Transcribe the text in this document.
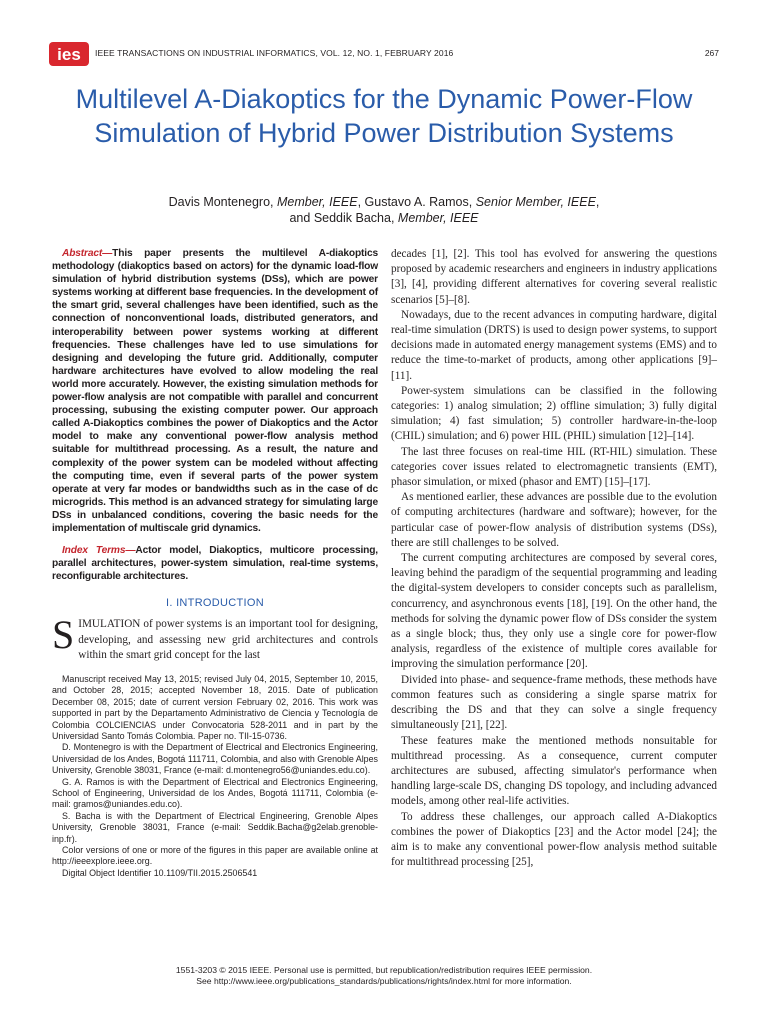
ies IEEE TRANSACTIONS ON INDUSTRIAL INFORMATICS, VOL. 12, NO. 1, FEBRUARY 2016	267
Multilevel A-Diakoptics for the Dynamic Power-Flow Simulation of Hybrid Power Distribution Systems
Davis Montenegro, Member, IEEE, Gustavo A. Ramos, Senior Member, IEEE,
and Seddik Bacha, Member, IEEE

Abstract—This paper presents the multilevel A-diakoptics methodology (diakoptics based on actors) for the dynamic load-flow simulation of hybrid distribution systems (DSs), which are power systems working at different base frequencies. In the development of the smart grid, several challenges have been identified, such as the connection of nonconventional loads, distributed generators, and interoperability between power systems working at different frequencies. These challenges have led to use simulations for designing and developing the future grid. Additionally, computer hardware architectures have evolved to allow modeling the real world more accurately. However, the existing simulation methods for power-flow analysis are not compatible with parallel and concurrent processing, subusing the existing computer power. Our approach called A-Diakoptics combines the power of Diakoptics and the Actor model to make any conventional power-flow analysis method suitable for multithread processing. As a result, the nature and complexity of the power system can be modeled without affecting the computing time, even if several parts of the power system operate at very far modes or bandwidths such as in the case of dc microgrids. This method is an advanced strategy for simulating large DSs in unbalanced conditions, covering the basic needs for the implementation of multiscale grid dynamics.

Index Terms—Actor model, Diakoptics, multicore processing, parallel architectures, power-system simulation, real-time systems, reconfigurable architectures.

I. INTRODUCTION

SIMULATION of power systems is an important tool for designing, developing, and assessing new grid architectures and controls within the smart grid concept for the last

Manuscript received May 13, 2015; revised July 04, 2015, September 10, 2015, and October 28, 2015; accepted November 18, 2015. Date of publication December 08, 2015; date of current version February 02, 2016. This work was supported in part by the Departamento Administrativo de Ciencia y Tecnología de Colombia COLCIENCIAS under Convocatoria 528-2011 and in part by the Universidad Santo Tomás Colombia. Paper no. TII-15-0736.

D. Montenegro is with the Department of Electrical and Electronics Engineering, Universidad de los Andes, Bogotá 111711, Colombia, and also with Grenoble Alpes University, Grenoble 38031, France (e-mail: d.montenegro56@uniandes.edu.co).

G. A. Ramos is with the Department of Electrical and Electronics Engineering, School of Engineering, Universidad de los Andes, Bogotá 111711, Colombia (e-mail: gramos@uniandes.edu.co).

S. Bacha is with the Department of Electrical Engineering, Grenoble Alpes University, Grenoble 38031, France (e-mail: Seddik.Bacha@g2elab.grenoble-inp.fr).

Color versions of one or more of the figures in this paper are available online at http://ieeexplore.ieee.org.

Digital Object Identifier 10.1109/TII.2015.2506541

decades [1], [2]. This tool has evolved for answering the questions proposed by academic researchers and engineers in industry applications [3], [4], providing different alternatives for covering several realistic scenarios [5]–[8].

Nowadays, due to the recent advances in computing hardware, digital real-time simulation (DRTS) is used to design power systems, to support decisions made in automated energy management systems (EMS) and to reduce the time-to-market of products, among other applications [9]–[11].

Power-system simulations can be classified in the following categories: 1) analog simulation; 2) offline simulation; 3) fully digital simulation; 4) fast simulation; 5) controller hardware-in-the-loop (CHIL) simulation; and 6) power HIL (PHIL) simulation [12]–[14].

The last three focuses on real-time HIL (RT-HIL) simulation. These categories cover issues related to electromagnetic transients (EMT), phasor simulation, or mixed (phasor and EMT) [15]–[17].

As mentioned earlier, these advances are possible due to the evolution of computing architectures (hardware and software); however, for the particular case of power-flow analysis of distribution systems (DSs), there are still challenges to be solved.

The current computing architectures are composed by several cores, leaving behind the paradigm of the sequential programming and leading the digital-system developers to consider concepts such as parallelism, concurrency, and asynchronous events [18], [19]. On the other hand, the methods for solving the dynamic power flow of DSs consider the system as a single block; thus, they only use a single core for power-flow analysis, regardless of the existence of multiple cores available for improving the simulation performance [20].

Divided into phase- and sequence-frame methods, these methods have common features such as considering a single sparse matrix for describing the DS and that they can solve a single frequency simultaneously [21], [22].

These features make the mentioned methods nonsuitable for multithread processing. As a consequence, current computer architectures are subused, affecting simulator's performance when handling large-scale DS, changing DS topology, and including advanced models, among other real-life activities.

To address these challenges, our approach called A-Diakoptics combines the power of Diakoptics [23] and the Actor model [24]; the aim is to make any conventional power-flow analysis method suitable for multithread processing [25],

1551-3203 © 2015 IEEE. Personal use is permitted, but republication/redistribution requires IEEE permission.
See http://www.ieee.org/publications_standards/publications/rights/index.html for more information.
